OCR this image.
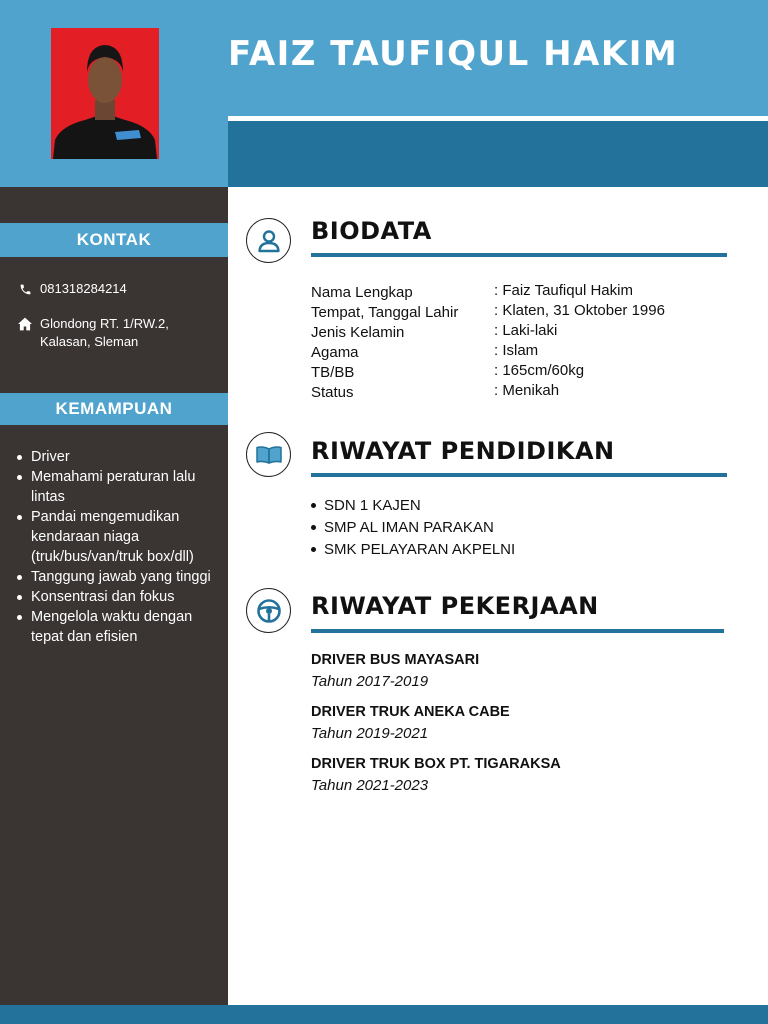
FAIZ TAUFIQUL HAKIM
KONTAK
081318284214
Glondong RT. 1/RW.2, Kalasan, Sleman
KEMAMPUAN
Driver
Memahami peraturan lalu lintas
Pandai mengemudikan kendaraan niaga (truk/bus/van/truk box/dll)
Tanggung jawab yang tinggi
Konsentrasi dan fokus
Mengelola waktu dengan tepat dan efisien
BIODATA
Nama Lengkap	: Faiz Taufiqul Hakim
Tempat, Tanggal Lahir : Klaten, 31 Oktober 1996
Jenis Kelamin	: Laki-laki
Agama	: Islam
TB/BB	: 165cm/60kg
Status	: Menikah
RIWAYAT PENDIDIKAN
SDN 1 KAJEN
SMP AL IMAN PARAKAN
SMK PELAYARAN AKPELNI
RIWAYAT PEKERJAAN
DRIVER BUS MAYASARI
Tahun 2017-2019
DRIVER TRUK ANEKA CABE
Tahun 2019-2021
DRIVER TRUK BOX PT. TIGARAKSA
Tahun 2021-2023
